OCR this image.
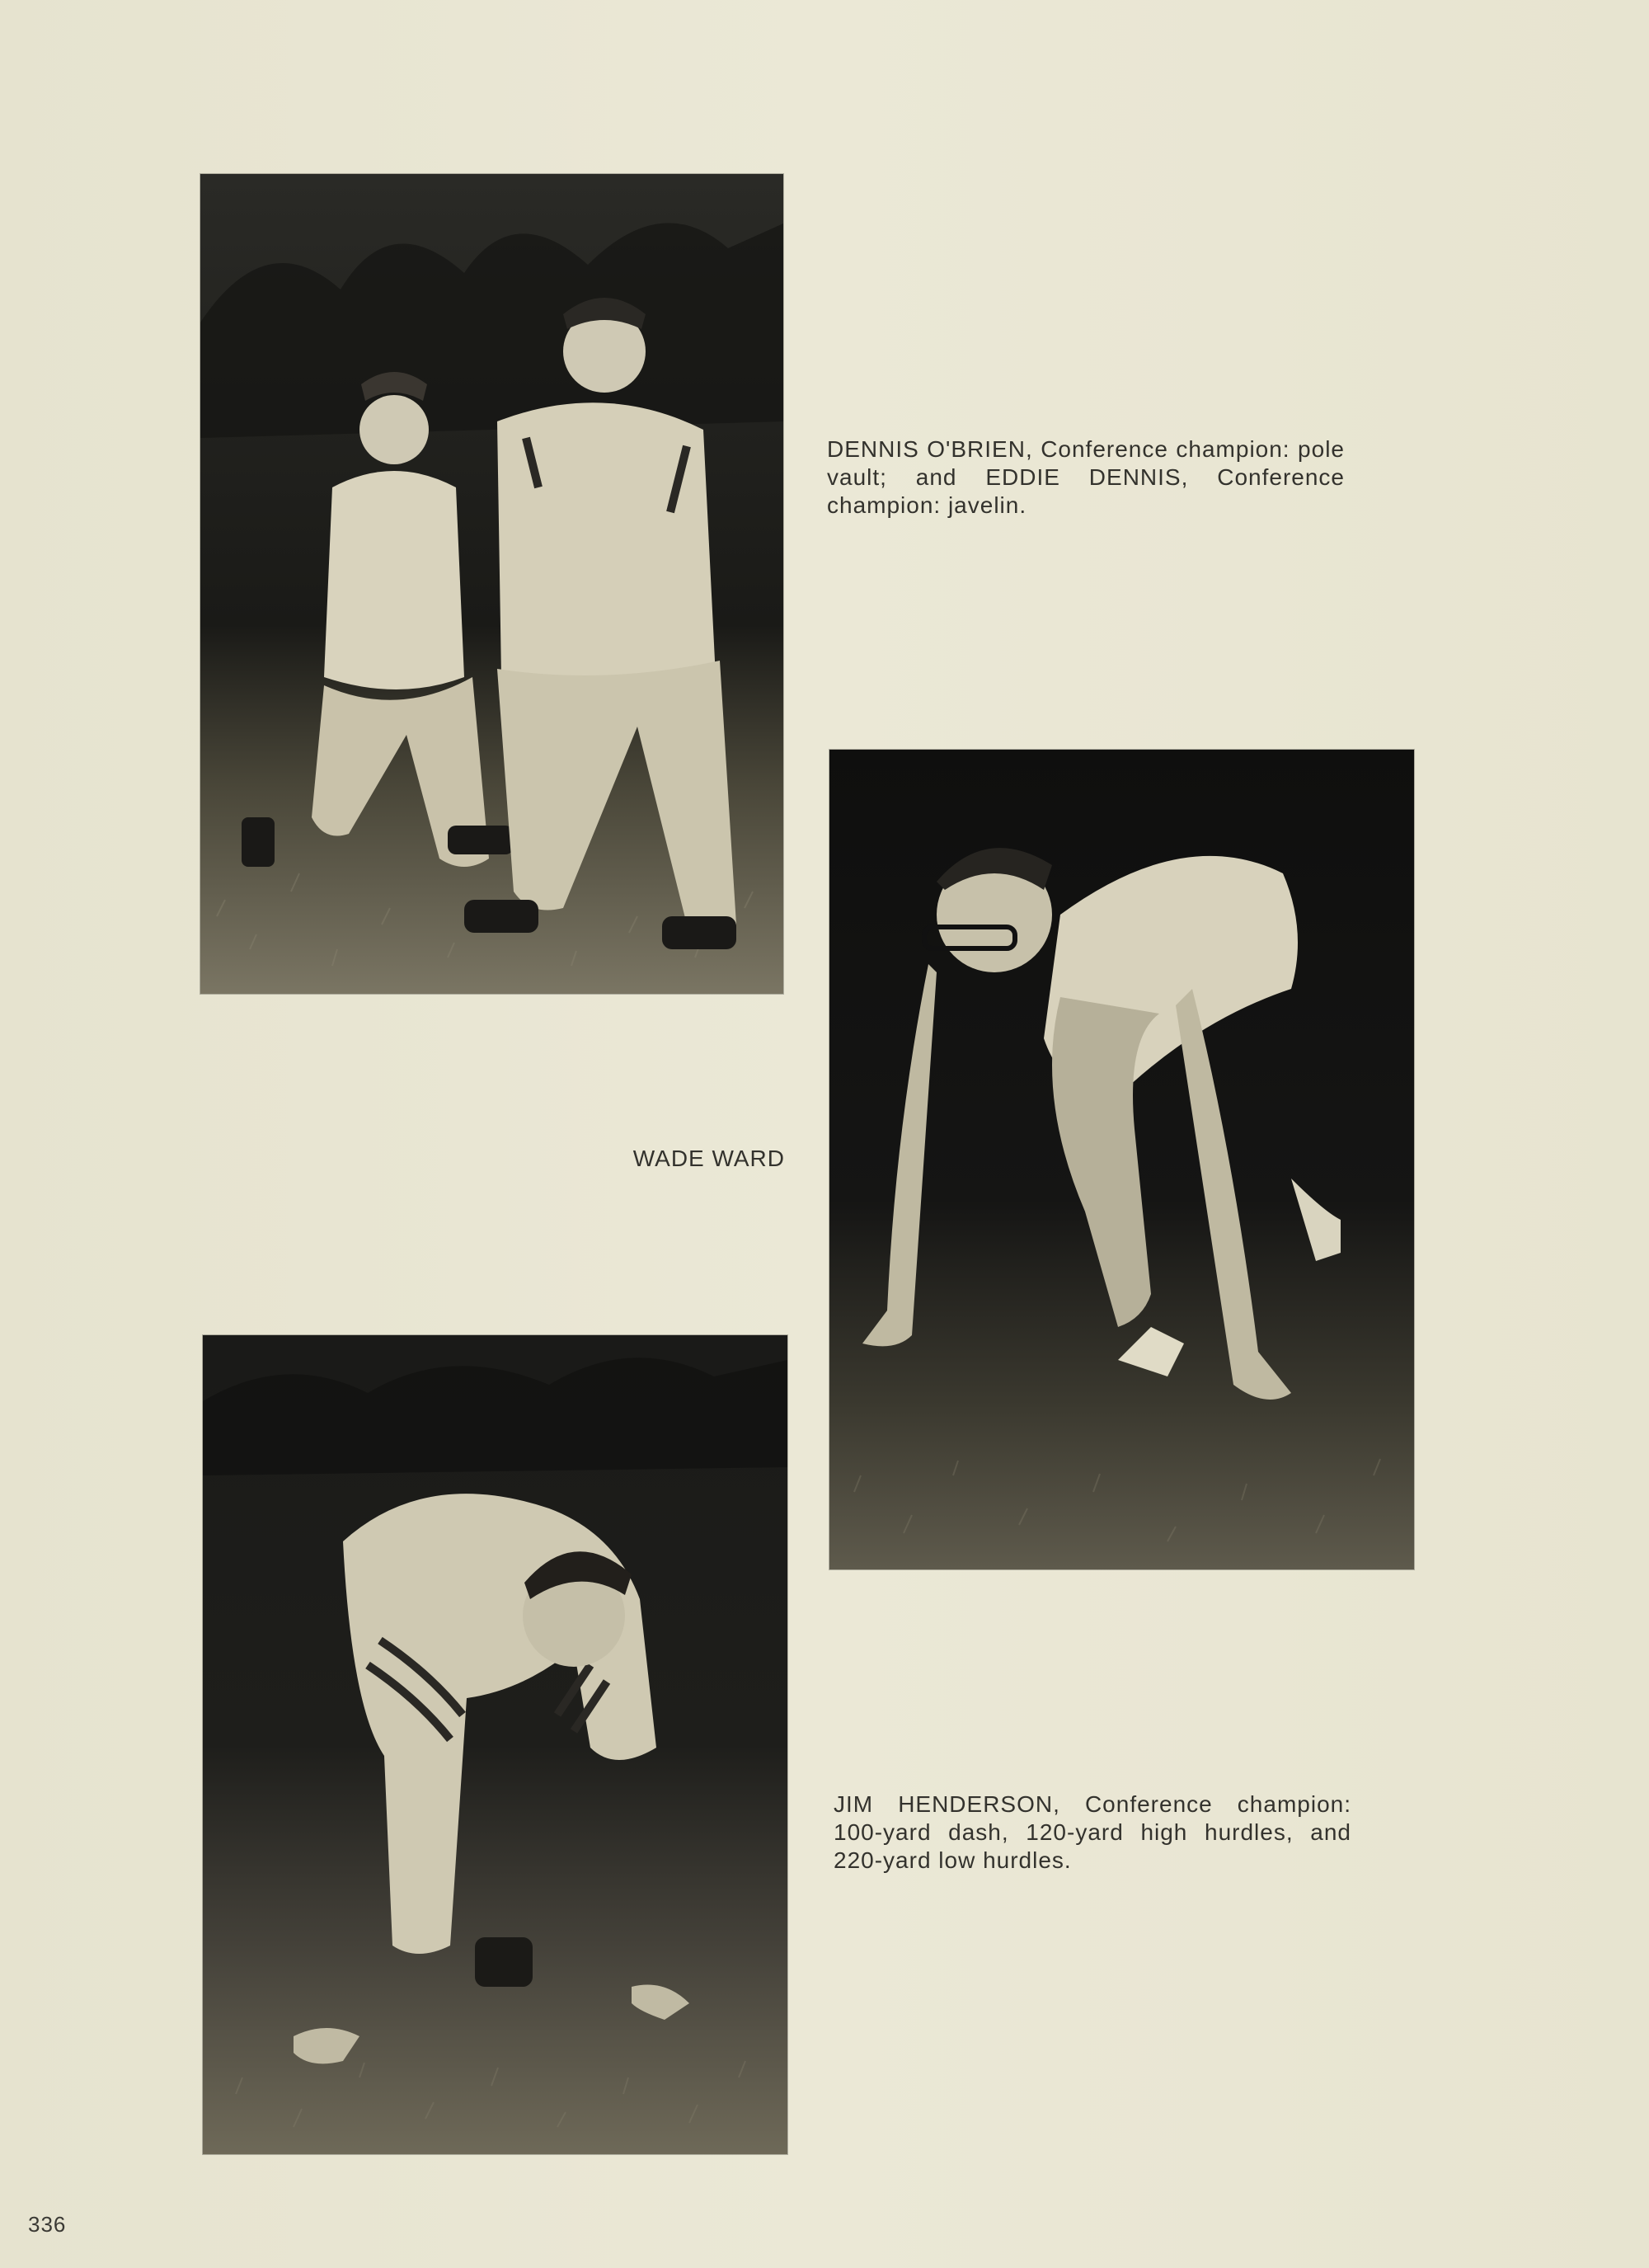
DENNIS O'BRIEN, Conference champion: pole vault; and EDDIE DENNIS, Conference champion: javelin.
WADE WARD
JIM HENDERSON, Conference champion: 100-yard dash, 120-yard high hurdles, and 220-yard low hurdles.
336
